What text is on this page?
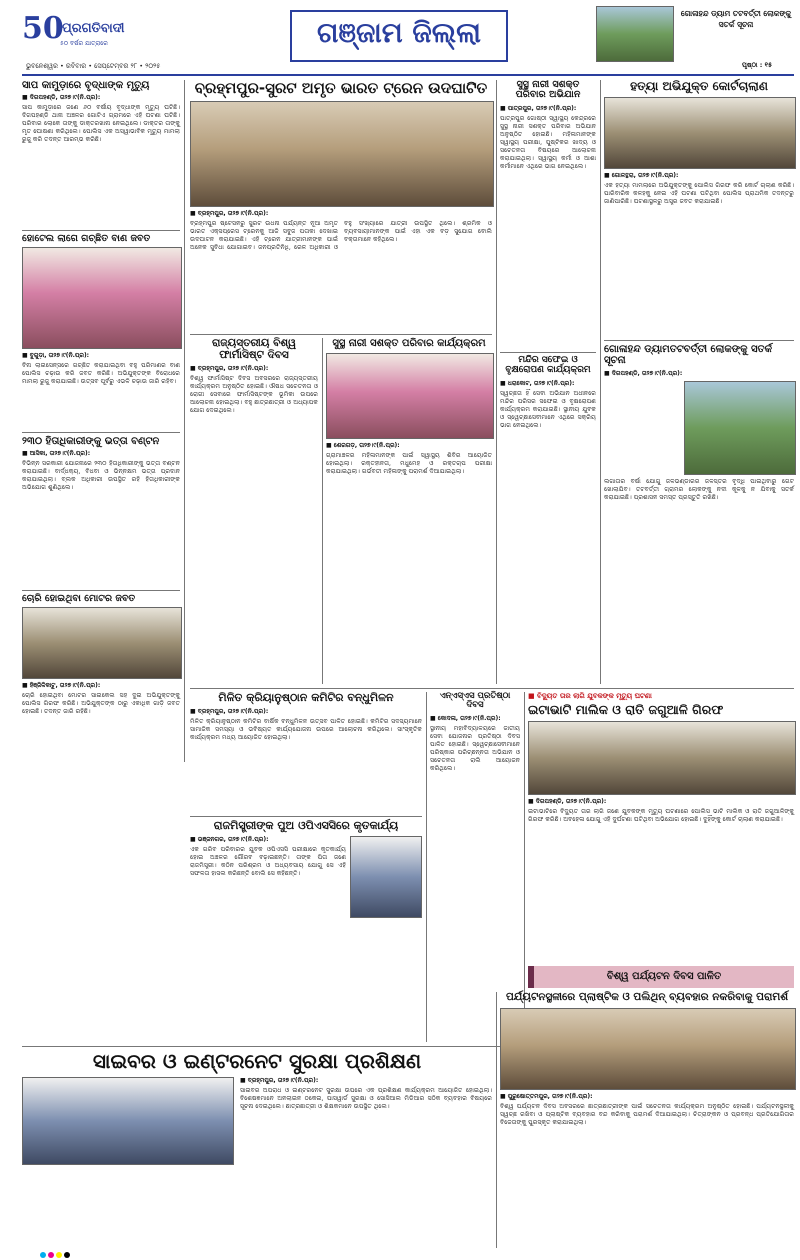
50
ପ୍ରଗତିବାଦୀ
୫୦ ବର୍ଷର ଯାତ୍ରାରେ	ଗଞ୍ଜାମ ଜିଲ୍ଲା
ଗୋଳାହନ୍ଦ ଡ୍ୟାମ ତଟବର୍ତ୍ତୀ ଲୋକଙ୍କୁ ସତର୍କ ସୂଚନା
ଭୁବନେଶ୍ୱର • ରବିବାର • ସେପ୍ଟେମ୍ବର ୨୮ • ୨୦୨୫	ପୃଷ୍ଠା : ୧୫
ସାପ କାମୁଡ଼ାରେ ବୃଦ୍ଧାଙ୍କ ମୃତ୍ୟୁ
■ ଦିଗପହଣ୍ଡି, ତା୨୭।୯(ନି.ପ୍ର):
ସାପ କାମୁଡ଼ାରେ ଜଣେ ୬୦ ବର୍ଷୀୟ ବୃଦ୍ଧାଙ୍କ ମୃତ୍ୟୁ ଘଟିଛି। ଦିଗପହଣ୍ଡି ଥାନା ଅଞ୍ଚଳର ଗୋଟିଏ ଗ୍ରାମରେ ଏହି ଘଟଣା ଘଟିଛି। ପରିବାର ଲୋକେ ତାଙ୍କୁ ଡାକ୍ତରଖାନା ନେଇଥିଲେ। ଡାକ୍ତର ତାଙ୍କୁ ମୃତ ଘୋଷଣା କରିଥିଲେ। ପୋଲିସ ଏକ ଅସ୍ୱାଭାବିକ ମୃତ୍ୟୁ ମାମଲା ରୁଜୁ କରି ତଦନ୍ତ ଆରମ୍ଭ କରିଛି।
ହୋଟେଲ ଲାଗେ ଗଚ୍ଛିତ ବାଣ ଜବତ
■ ବୁଗୁଡ଼ା, ତା୨୭।୯(ନି.ପ୍ର):
ବିନା ଲାଇସେନ୍ସରେ ଗଚ୍ଛିତ କରାଯାଇଥିବା ବହୁ ପରିମାଣର ବାଣ ପୋଲିସ ଚଢ଼ାଉ କରି ଜବତ କରିଛି। ଅଭିଯୁକ୍ତଙ୍କ ବିରୋଧରେ ମାମଲା ରୁଜୁ କରାଯାଇଛି। ଉତ୍ସବ ପୂର୍ବରୁ ଏଭଳି ଚଢ଼ାଉ ଜାରି ରହିବ।
୨୩୦ ହିତାଧିକାରୀଙ୍କୁ ଭତ୍ତା ବଣ୍ଟନ
■ ଆସିକା, ତା୨୭।୯(ନି.ପ୍ର):
ବିଭିନ୍ନ ସରକାରୀ ଯୋଜନାରେ ୨୩୦ ହିତାଧିକାରୀଙ୍କୁ ଭତ୍ତା ବଣ୍ଟନ କରାଯାଇଛି। ବାର୍ଦ୍ଧକ୍ୟ, ବିଧବା ଓ ଭିନ୍ନକ୍ଷମ ଭତ୍ତା ପ୍ରଦାନ କରାଯାଇଥିଲା। ବ୍ଲକ ଅଧିକାରୀ ଉପସ୍ଥିତ ରହି ହିତାଧିକାରୀଙ୍କ ଅଭିଯୋଗ ଶୁଣିଥିଲେ।
ଚୋରି ହୋଇଥିବା ମୋଟର ଜବତ
■ ହିଞ୍ଜିଳିକାଟୁ, ତା୨୭।୯(ନି.ପ୍ର):
ଚୋରି ହୋଇଥିବା ମୋଟର ସାଇକେଲ ସହ ଦୁଇ ଅଭିଯୁକ୍ତଙ୍କୁ ପୋଲିସ ଗିରଫ କରିଛି। ଅଭିଯୁକ୍ତଙ୍କ ଠାରୁ ଏକାଧିକ ଗାଡ଼ି ଜବତ ହୋଇଛି। ତଦନ୍ତ ଜାରି ରହିଛି।
ବ୍ରହ୍ମପୁର-ସୁରଟ ଅମୃତ ଭାରତ ଟ୍ରେନ ଉଦଘାଟିତ
■ ବ୍ରହ୍ମପୁର, ତା୨୭।୯(ନି.ପ୍ର):
ବ୍ରହ୍ମପୁର ଷ୍ଟେସନରୁ ସୁରଟ ଉଧନା ପର୍ଯ୍ୟନ୍ତ ନୂଆ ଅମୃତ ଭାରତ ଏକ୍ସପ୍ରେସ ଟ୍ରେନକୁ ଆଜି ସବୁଜ ପତାକା ଦେଖାଇ ଉଦଘାଟନ କରାଯାଇଛି। ଏହି ଟ୍ରେନ ଯାତ୍ରୀମାନଙ୍କ ପାଇଁ ଅନେକ ସୁବିଧା ଯୋଗାଇବ। ଜନପ୍ରତିନିଧି, ରେଳ ଅଧିକାରୀ ଓ ବହୁ ସଂଖ୍ୟାରେ ଯାତ୍ରୀ ଉପସ୍ଥିତ ଥିଲେ। ଶ୍ରମିକ ଓ ବ୍ୟବସାୟୀମାନଙ୍କ ପାଇଁ ଏହା ଏକ ବଡ଼ ସୁଯୋଗ ବୋଲି ବକ୍ତାମାନେ କହିଥିଲେ।
ରାଜ୍ୟସ୍ତରୀୟ ବିଶ୍ୱ ଫାର୍ମାସିଷ୍ଟ ଦିବସ
■ ବ୍ରହ୍ମପୁର, ତା୨୭।୯(ନି.ପ୍ର):
ବିଶ୍ୱ ଫାର୍ମାସିଷ୍ଟ ଦିବସ ଅବସରରେ ରାଜ୍ୟସ୍ତରୀୟ କାର୍ଯ୍ୟକ୍ରମ ଅନୁଷ୍ଠିତ ହୋଇଛି। ଔଷଧ ସଚେତନତା ଓ ରୋଗୀ ସେବାରେ ଫାର୍ମାସିଷ୍ଟଙ୍କ ଭୂମିକା ଉପରେ ଆଲୋଚନା ହୋଇଥିଲା। ବହୁ ଛାତ୍ରଛାତ୍ରୀ ଓ ଅଧ୍ୟାପକ ଯୋଗ ଦେଇଥିଲେ।
ସୁସ୍ଥ ନାରୀ ସଶକ୍ତ ପରିବାର କାର୍ଯ୍ୟକ୍ରମ
■ ଶେରଗଡ଼, ତା୨୭।୯(ନି.ପ୍ର):
ଗ୍ରାମାଞ୍ଚଳର ମହିଳାମାନଙ୍କ ପାଇଁ ସ୍ୱାସ୍ଥ୍ୟ ଶିବିର ଆୟୋଜିତ ହୋଇଥିଲା। ରକ୍ତହୀନତା, ମଧୁମେହ ଓ ରକ୍ତଚାପ ପରୀକ୍ଷା କରାଯାଇଥିଲା। ଗର୍ଭବତୀ ମହିଳାଙ୍କୁ ପରାମର୍ଶ ଦିଆଯାଇଥିଲା।
ସୁସ୍ଥ ନାରୀ ସଶକ୍ତ ପରିବାର ଅଭିଯାନ
■ ପାତ୍ରପୁର, ତା୨୭।୯(ନି.ପ୍ର):
ପାତ୍ରପୁର ଗୋଷ୍ଠୀ ସ୍ୱାସ୍ଥ୍ୟ କେନ୍ଦ୍ରରେ ସୁସ୍ଥ ନାରୀ ସଶକ୍ତ ପରିବାର ଅଭିଯାନ ଅନୁଷ୍ଠିତ ହୋଇଛି। ମହିଳାମାନଙ୍କ ସ୍ୱାସ୍ଥ୍ୟ ପରୀକ୍ଷା, ପୁଷ୍ଟିକର ଖାଦ୍ୟ ଓ ସଚେତନତା ବିଷୟରେ ଆଲୋଚନା କରାଯାଇଥିଲା। ସ୍ୱାସ୍ଥ୍ୟ କର୍ମୀ ଓ ଆଶା କର୍ମୀମାନେ ଏଥିରେ ଭାଗ ନେଇଥିଲେ।
ମନ୍ଦିର ସଫେଇ ଓ ବୃକ୍ଷରୋପଣ କାର୍ଯ୍ୟକ୍ରମ
■ ଧରାକୋଟ, ତା୨୭।୯(ନି.ପ୍ର):
ସ୍ୱଚ୍ଛତା ହିଁ ସେବା ଅଭିଯାନ ଅଧୀନରେ ମନ୍ଦିର ପରିସର ସଫେଇ ଓ ବୃକ୍ଷରୋପଣ କାର୍ଯ୍ୟକ୍ରମ କରାଯାଇଛି। ସ୍ଥାନୀୟ ଯୁବକ ଓ ସ୍ୱେଚ୍ଛାସେବୀମାନେ ଏଥିରେ ସକ୍ରିୟ ଭାଗ ନେଇଥିଲେ।
ହତ୍ୟା ଅଭିଯୁକ୍ତ କୋର୍ଟଚାଲାଣ
■ ଗୋଳନ୍ଥରା, ତା୨୭।୯(ନି.ପ୍ର):
ଏକ ହତ୍ୟା ମାମଲାରେ ଅଭିଯୁକ୍ତଙ୍କୁ ପୋଲିସ ଗିରଫ କରି କୋର୍ଟ ଚାଲାଣ କରିଛି। ପାରିବାରିକ କଳହକୁ ନେଇ ଏହି ଘଟଣା ଘଟିଥିବା ପୋଲିସ ପ୍ରାଥମିକ ତଦନ୍ତରୁ ଜାଣିପାରିଛି। ଘଟଣାସ୍ଥଳରୁ ଅସ୍ତ୍ର ଜବତ କରାଯାଇଛି।
ଗୋଳାହନ୍ଦ ଡ୍ୟାମତଟବର୍ତ୍ତୀ ଲୋକଙ୍କୁ ସତର୍କ ସୂଚନା
■ ଦିଗପହଣ୍ଡି, ତା୨୭।୯(ନି.ପ୍ର):
ଲଗାତାର ବର୍ଷା ଯୋଗୁ ଜଳଭଣ୍ଡାରର ଜଳସ୍ତର ବୃଦ୍ଧି ପାଇଥିବାରୁ ଗେଟ ଖୋଲାଯିବ। ତଟବର୍ତ୍ତୀ ଗ୍ରାମର ଲୋକଙ୍କୁ ନଦୀ କୂଳକୁ ନ ଯିବାକୁ ସତର୍କ କରାଯାଇଛି। ପ୍ରଶାସନ ସମସ୍ତ ପ୍ରସ୍ତୁତି ରଖିଛି।
ମିଳିତ କ୍ରିୟାନୁଷ୍ଠାନ କମିଟିର ବନ୍ଧୁମିଳନ
■ ବ୍ରହ୍ମପୁର, ତା୨୭।୯(ନି.ପ୍ର):
ମିଳିତ କ୍ରିୟାନୁଷ୍ଠାନ କମିଟିର ବାର୍ଷିକ ବନ୍ଧୁମିଳନ ଉତ୍ସବ ପାଳିତ ହୋଇଛି। କମିଟିର ସଦସ୍ୟମାନେ ସାମାଜିକ ସମସ୍ୟା ଓ ଭବିଷ୍ୟତ କାର୍ଯ୍ୟଯୋଜନା ଉପରେ ଆଲୋଚନା କରିଥିଲେ। ସାଂସ୍କୃତିକ କାର୍ଯ୍ୟକ୍ରମ ମଧ୍ୟ ଆୟୋଜିତ ହୋଇଥିଲା।
ରାଜମିସ୍ତ୍ରୀଙ୍କ ପୁଅ ଓପିଏସସିରେ କୃତକାର୍ଯ୍ୟ
■ ଭଞ୍ଜନଗର, ତା୨୭।୯(ନି.ପ୍ର):
ଏକ ଗରିବ ପରିବାରର ଯୁବକ ଓପିଏସସି ପରୀକ୍ଷାରେ କୃତକାର୍ଯ୍ୟ ହୋଇ ଅଞ୍ଚଳର ଗୌରବ ବଢ଼ାଇଛନ୍ତି। ତାଙ୍କ ପିତା ଜଣେ ରାଜମିସ୍ତ୍ରୀ। କଠିନ ପରିଶ୍ରମ ଓ ଅଧ୍ୟବସାୟ ଯୋଗୁ ସେ ଏହି ସଫଳତା ହାସଲ କରିଛନ୍ତି ବୋଲି ସେ କହିଛନ୍ତି।
ଏନ୍‌ଏସ୍‌ଏସ ପ୍ରତିଷ୍ଠା ଦିବସ
■ କୋଦଳା, ତା୨୭।୯(ନି.ପ୍ର):
ସ୍ଥାନୀୟ ମହାବିଦ୍ୟାଳୟରେ ଜାତୀୟ ସେବା ଯୋଜନାର ପ୍ରତିଷ୍ଠା ଦିବସ ପାଳିତ ହୋଇଛି। ସ୍ୱେଚ୍ଛାସେବୀମାନେ ପରିଷ୍କାର ପରିଚ୍ଛନ୍ନତା ଅଭିଯାନ ଓ ସଚେତନତା ରାଲି ଆୟୋଜନ କରିଥିଲେ।
■ ବିଦ୍ୟୁତ ତାର ଲାଗି ଯୁବକଙ୍କ ମୃତ୍ୟୁ ଘଟଣା
ଇଟାଭାଟି ମାଲିକ ଓ ରାତି ଜଗୁଆଳି ଗିରଫ
■ ଦିଗପହଣ୍ଡି, ତା୨୭।୯(ନି.ପ୍ର):
ଇଟାଭାଟିରେ ବିଦ୍ୟୁତ ତାର ଲାଗି ଜଣେ ଯୁବକଙ୍କ ମୃତ୍ୟୁ ଘଟଣାରେ ପୋଲିସ ଭାଟି ମାଲିକ ଓ ରାତି ଜଗୁଆଳିଙ୍କୁ ଗିରଫ କରିଛି। ଅବହେଳା ଯୋଗୁ ଏହି ଦୁର୍ଘଟଣା ଘଟିଥିବା ଅଭିଯୋଗ ହୋଇଛି। ଦୁହିଁଙ୍କୁ କୋର୍ଟ ଚାଲାଣ କରାଯାଇଛି।
ବିଶ୍ୱ ପର୍ଯ୍ୟଟନ ଦିବସ ପାଳିତ
ସାଇବର ଓ ଇଣ୍ଟରନେଟ ସୁରକ୍ଷା ପ୍ରଶିକ୍ଷଣ
■ ବ୍ରହ୍ମପୁର, ତା୨୭।୯(ନି.ପ୍ର):
ସାଇବର ଅପରାଧ ଓ ଇଣ୍ଟରନେଟ ସୁରକ୍ଷା ଉପରେ ଏକ ପ୍ରଶିକ୍ଷଣ କାର୍ଯ୍ୟକ୍ରମ ଆୟୋଜିତ ହୋଇଥିଲା। ବିଶେଷଜ୍ଞମାନେ ଅନଲାଇନ ଠକେଇ, ପାସୱାର୍ଡ ସୁରକ୍ଷା ଓ ସୋସିଆଲ ମିଡିଆର ସଠିକ ବ୍ୟବହାର ବିଷୟରେ ସୂଚନା ଦେଇଥିଲେ। ଛାତ୍ରଛାତ୍ରୀ ଓ ଶିକ୍ଷକମାନେ ଉପସ୍ଥିତ ଥିଲେ।
ପର୍ଯ୍ୟଟନସ୍ଥଳୀରେ ପ୍ଲାଷ୍ଟିକ ଓ ପଲିଥିନ୍ ବ୍ୟବହାର ନକରିବାକୁ ପରାମର୍ଶ
■ ପୁରୁଷୋତ୍ତମପୁର, ତା୨୭।୯(ନି.ପ୍ର):
ବିଶ୍ୱ ପର୍ଯ୍ୟଟନ ଦିବସ ଅବସରରେ ଛାତ୍ରଛାତ୍ରୀଙ୍କ ପାଇଁ ସଚେତନତା କାର୍ଯ୍ୟକ୍ରମ ଅନୁଷ୍ଠିତ ହୋଇଛି। ପର୍ଯ୍ୟଟନସ୍ଥଳୀକୁ ସ୍ୱଚ୍ଛ ରଖିବା ଓ ପ୍ଲାଷ୍ଟିକ ବ୍ୟବହାର ବନ୍ଦ କରିବାକୁ ପରାମର୍ଶ ଦିଆଯାଇଥିଲା। ଚିତ୍ରାଙ୍କନ ଓ ପ୍ରବନ୍ଧ ପ୍ରତିଯୋଗିତାର ବିଜେତାଙ୍କୁ ପୁରସ୍କୃତ କରାଯାଇଥିଲା।
